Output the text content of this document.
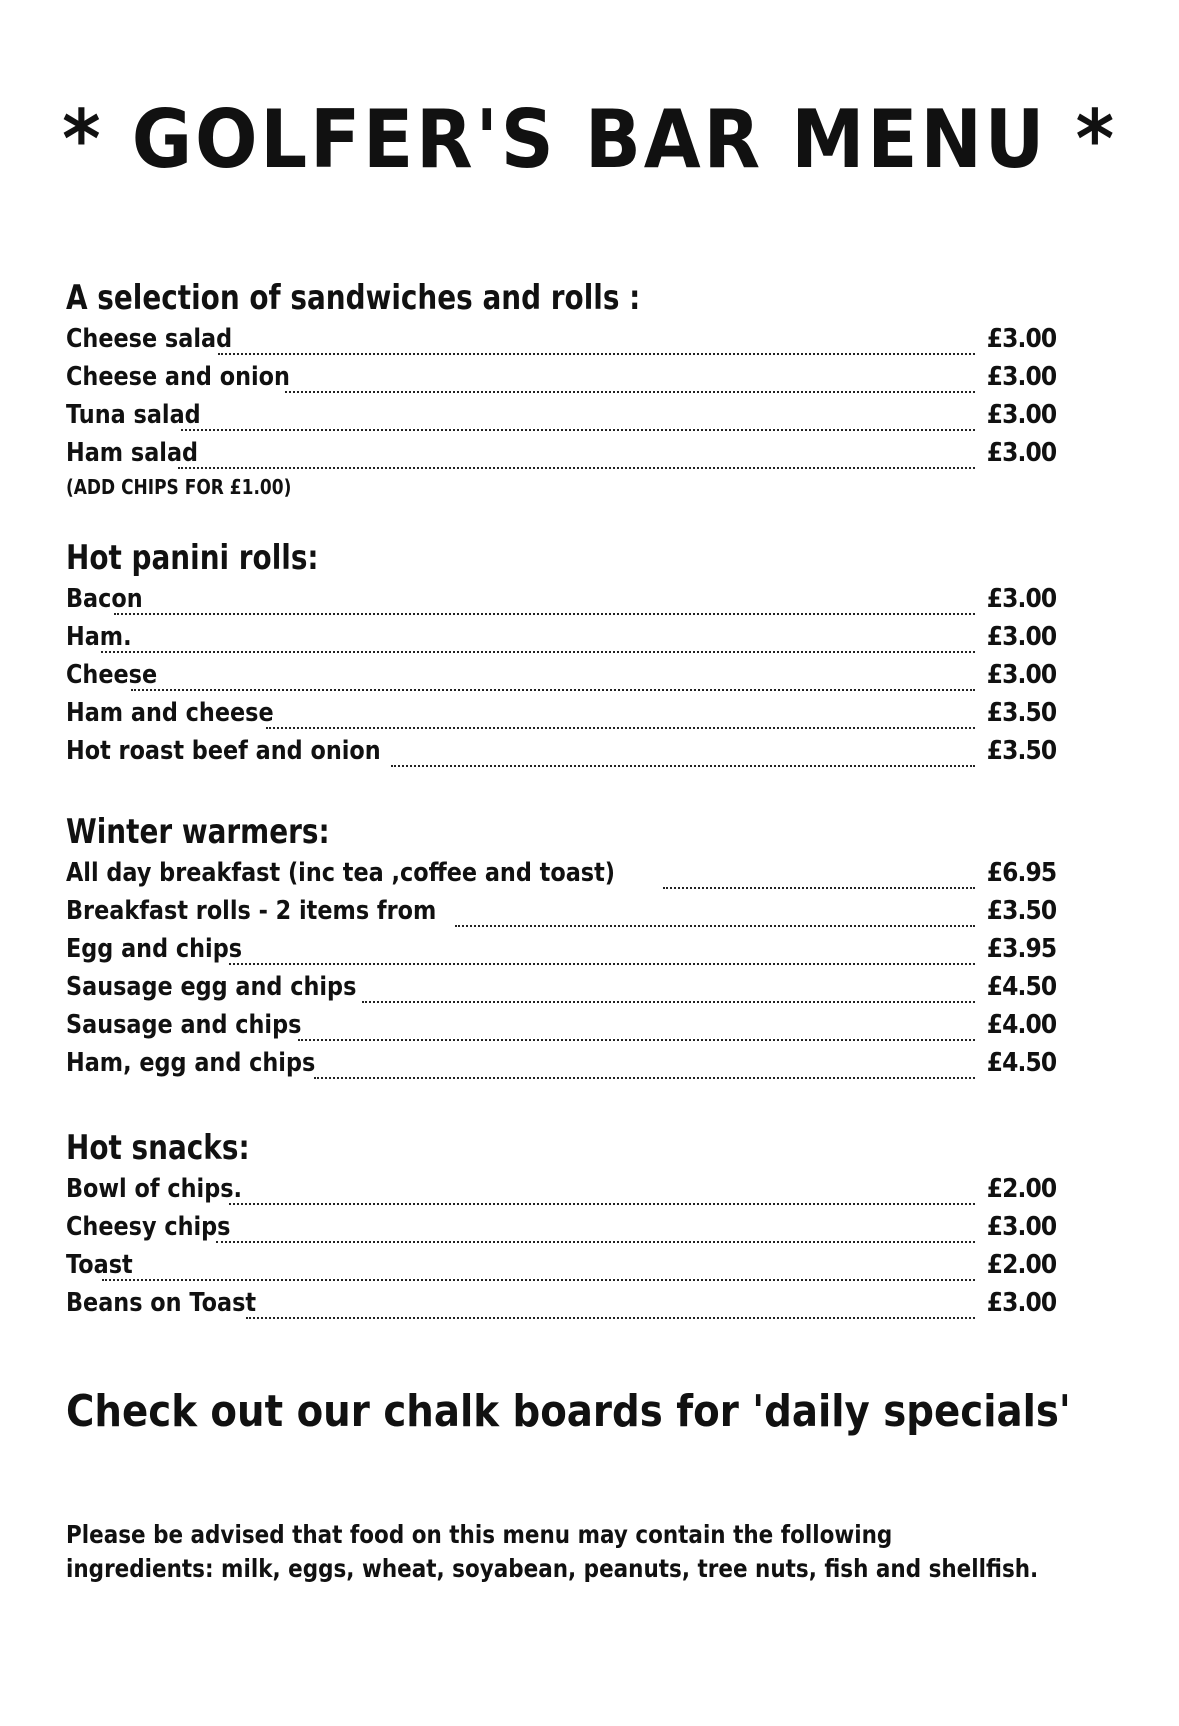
* GOLFER'S BAR MENU *
A selection of sandwiches and rolls :
Cheese salad	£3.00
Cheese and onion	£3.00
Tuna salad	£3.00
Ham salad	£3.00
(ADD CHIPS FOR £1.00)
Hot panini rolls:
Bacon	£3.00
Ham.	£3.00
Cheese	£3.00
Ham and cheese	£3.50
Hot roast beef and onion	£3.50
Winter warmers:
All day breakfast (inc tea ,coffee and toast)	£6.95
Breakfast rolls - 2 items from	£3.50
Egg and chips	£3.95
Sausage egg and chips	£4.50
Sausage and chips	£4.00
Ham, egg and chips	£4.50
Hot snacks:
Bowl of chips.	£2.00
Cheesy chips	£3.00
Toast	£2.00
Beans on Toast	£3.00
Check out our chalk boards for 'daily specials'
Please be advised that food on this menu may contain the following
ingredients: milk, eggs, wheat, soyabean, peanuts, tree nuts, fish and shellfish.
